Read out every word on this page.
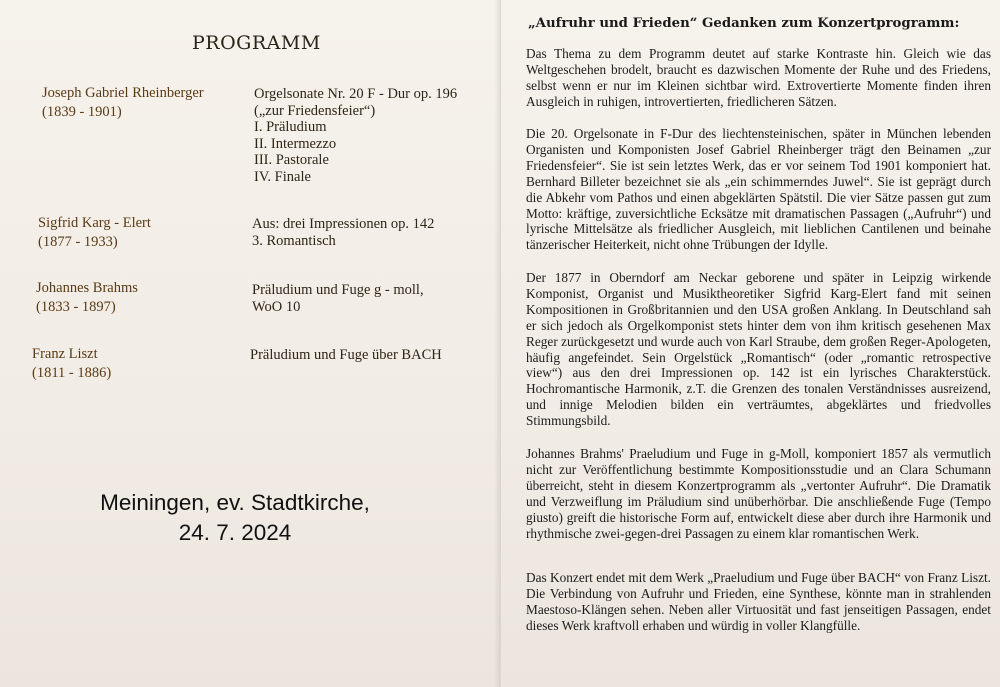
PROGRAMM
Joseph Gabriel Rheinberger
(1839 - 1901)
Orgelsonate Nr. 20 F - Dur op. 196
(„zur Friedensfeier“)
I. Präludium
II. Intermezzo
III. Pastorale
IV. Finale
Sigfrid Karg - Elert
(1877 - 1933)
Aus: drei Impressionen op. 142
3. Romantisch
Johannes Brahms
(1833 - 1897)
Präludium und Fuge g - moll,
WoO 10
Franz Liszt
(1811 - 1886)
Präludium und Fuge über BACH
Meiningen, ev. Stadtkirche,
24. 7. 2024
„Aufruhr und Frieden“ Gedanken zum Konzertprogramm:

Das Thema zu dem Programm deutet auf starke Kontraste hin. Gleich wie das Weltgeschehen brodelt, braucht es dazwischen Momente der Ruhe und des Friedens, selbst wenn er nur im Kleinen sichtbar wird. Extrovertierte Momente finden ihren Ausgleich in ruhigen, introvertierten, friedlicheren Sätzen.

Die 20. Orgelsonate in F-Dur des liechtensteinischen, später in München lebenden Organisten und Komponisten Josef Gabriel Rheinberger trägt den Beinamen „zur Friedensfeier“. Sie ist sein letztes Werk, das er vor seinem Tod 1901 komponiert hat. Bernhard Billeter bezeichnet sie als „ein schimmerndes Juwel“. Sie ist geprägt durch die Abkehr vom Pathos und einen abgeklärten Spätstil. Die vier Sätze passen gut zum Motto: kräftige, zuversichtliche Ecksätze mit dramatischen Passagen („Aufruhr“) und lyrische Mittelsätze als friedlicher Ausgleich, mit lieblichen Cantilenen und beinahe tänzerischer Heiterkeit, nicht ohne Trübungen der Idylle.

Der 1877 in Oberndorf am Neckar geborene und später in Leipzig wirkende Komponist, Organist und Musiktheoretiker Sigfrid Karg-Elert fand mit seinen Kompositionen in Großbritannien und den USA großen Anklang. In Deutschland sah er sich jedoch als Orgelkomponist stets hinter dem von ihm kritisch gesehenen Max Reger zurückgesetzt und wurde auch von Karl Straube, dem großen Reger-Apologeten, häufig angefeindet. Sein Orgelstück „Romantisch“ (oder „romantic retrospective view“) aus den drei Impressionen op. 142 ist ein lyrisches Charakterstück. Hochromantische Harmonik, z.T. die Grenzen des tonalen Verständnisses ausreizend, und innige Melodien bilden ein verträumtes, abgeklärtes und friedvolles Stimmungsbild.

Johannes Brahms' Praeludium und Fuge in g-Moll, komponiert 1857 als vermutlich nicht zur Veröffentlichung bestimmte Kompositionsstudie und an Clara Schumann überreicht, steht in diesem Konzertprogramm als „vertonter Aufruhr“. Die Dramatik und Verzweiflung im Präludium sind unüberhörbar. Die anschließende Fuge (Tempo giusto) greift die historische Form auf, entwickelt diese aber durch ihre Harmonik und rhythmische zwei-gegen-drei Passagen zu einem klar romantischen Werk.

Das Konzert endet mit dem Werk „Praeludium und Fuge über BACH“ von Franz Liszt. Die Verbindung von Aufruhr und Frieden, eine Synthese, könnte man in strahlenden Maestoso-Klängen sehen. Neben aller Virtuosität und fast jenseitigen Passagen, endet dieses Werk kraftvoll erhaben und würdig in voller Klangfülle.
